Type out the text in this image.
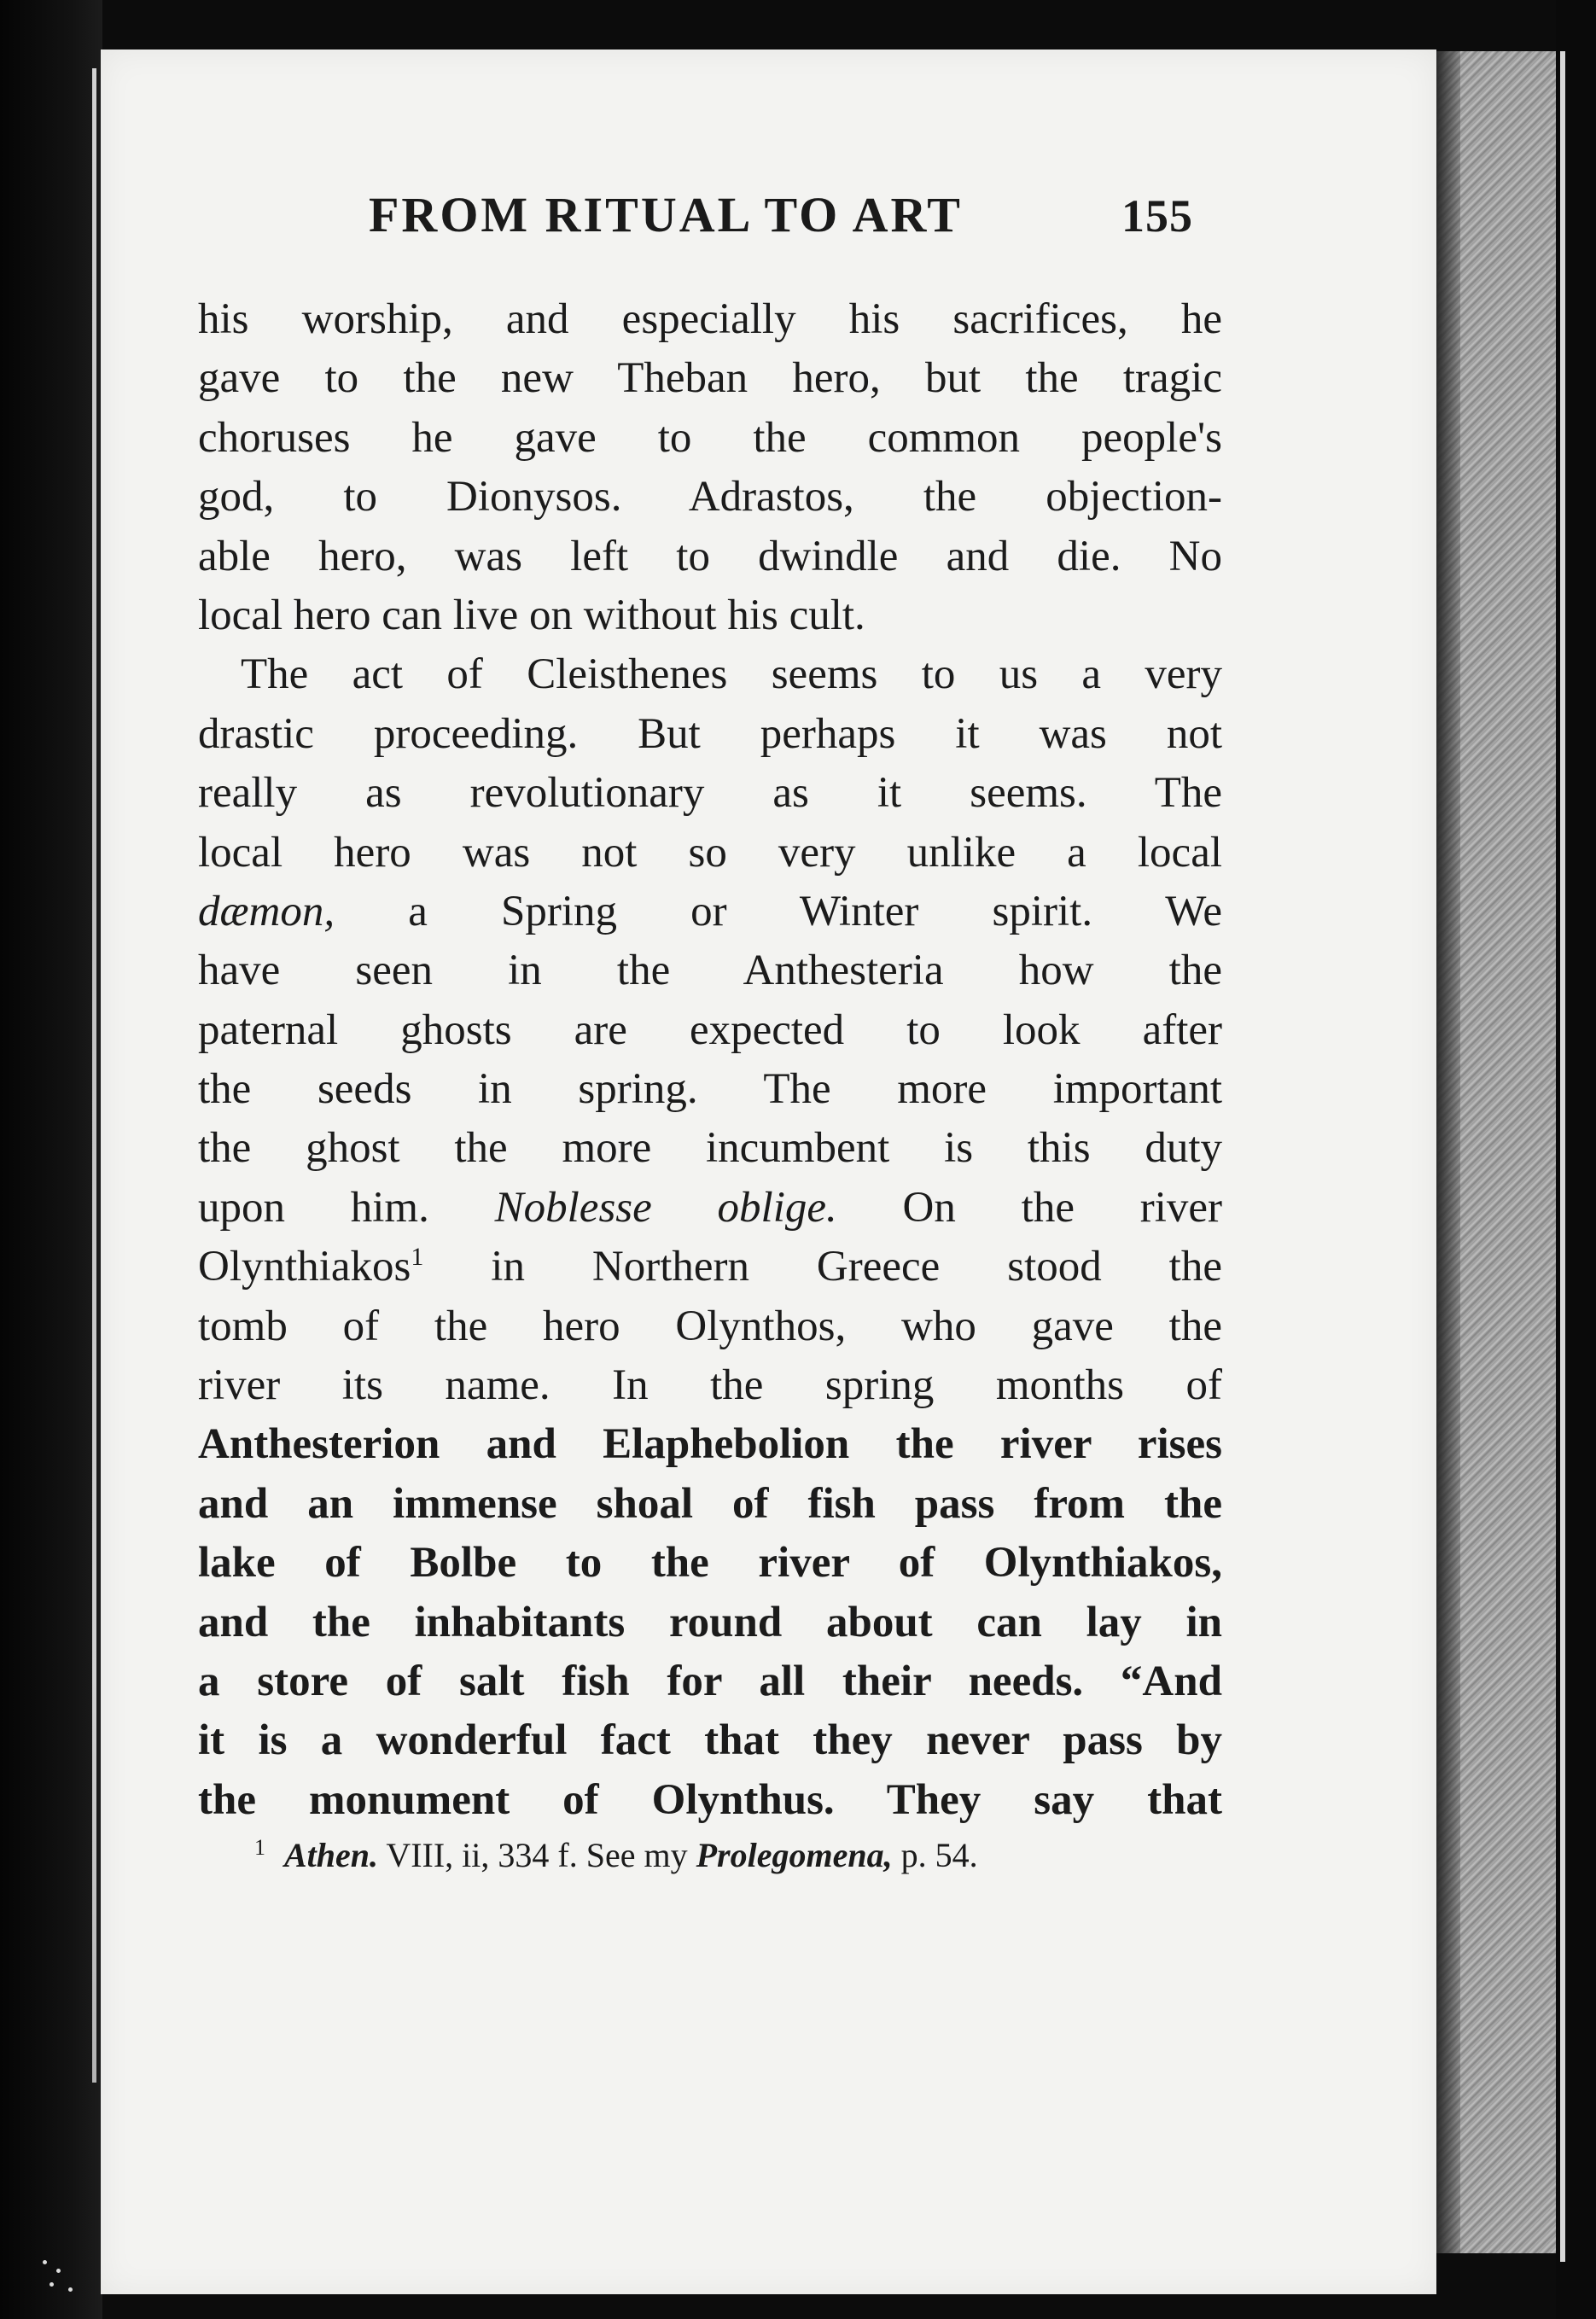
FROM RITUAL TO ART	155
his worship, and especially his sacrifices, he
gave to the new Theban hero, but the tragic
choruses he gave to the common people's
god, to Dionysos. Adrastos, the objection-
able hero, was left to dwindle and die. No
local hero can live on without his cult.
The act of Cleisthenes seems to us a very
drastic proceeding. But perhaps it was not
really as revolutionary as it seems. The
local hero was not so very unlike a local
dæmon, a Spring or Winter spirit. We
have seen in the Anthesteria how the
paternal ghosts are expected to look after
the seeds in spring. The more important
the ghost the more incumbent is this duty
upon him. Noblesse oblige. On the river
Olynthiakos$^1$ in Northern Greece stood the
tomb of the hero Olynthos, who gave the
river its name. In the spring months of
Anthesterion and Elaphebolion the river rises
and an immense shoal of fish pass from the
lake of Bolbe to the river of Olynthiakos,
and the inhabitants round about can lay in
a store of salt fish for all their needs. “And
it is a wonderful fact that they never pass by
the monument of Olynthus. They say that
$^1$ Athen. VIII, ii, 334 f. See my Prolegomena, p. 54.
